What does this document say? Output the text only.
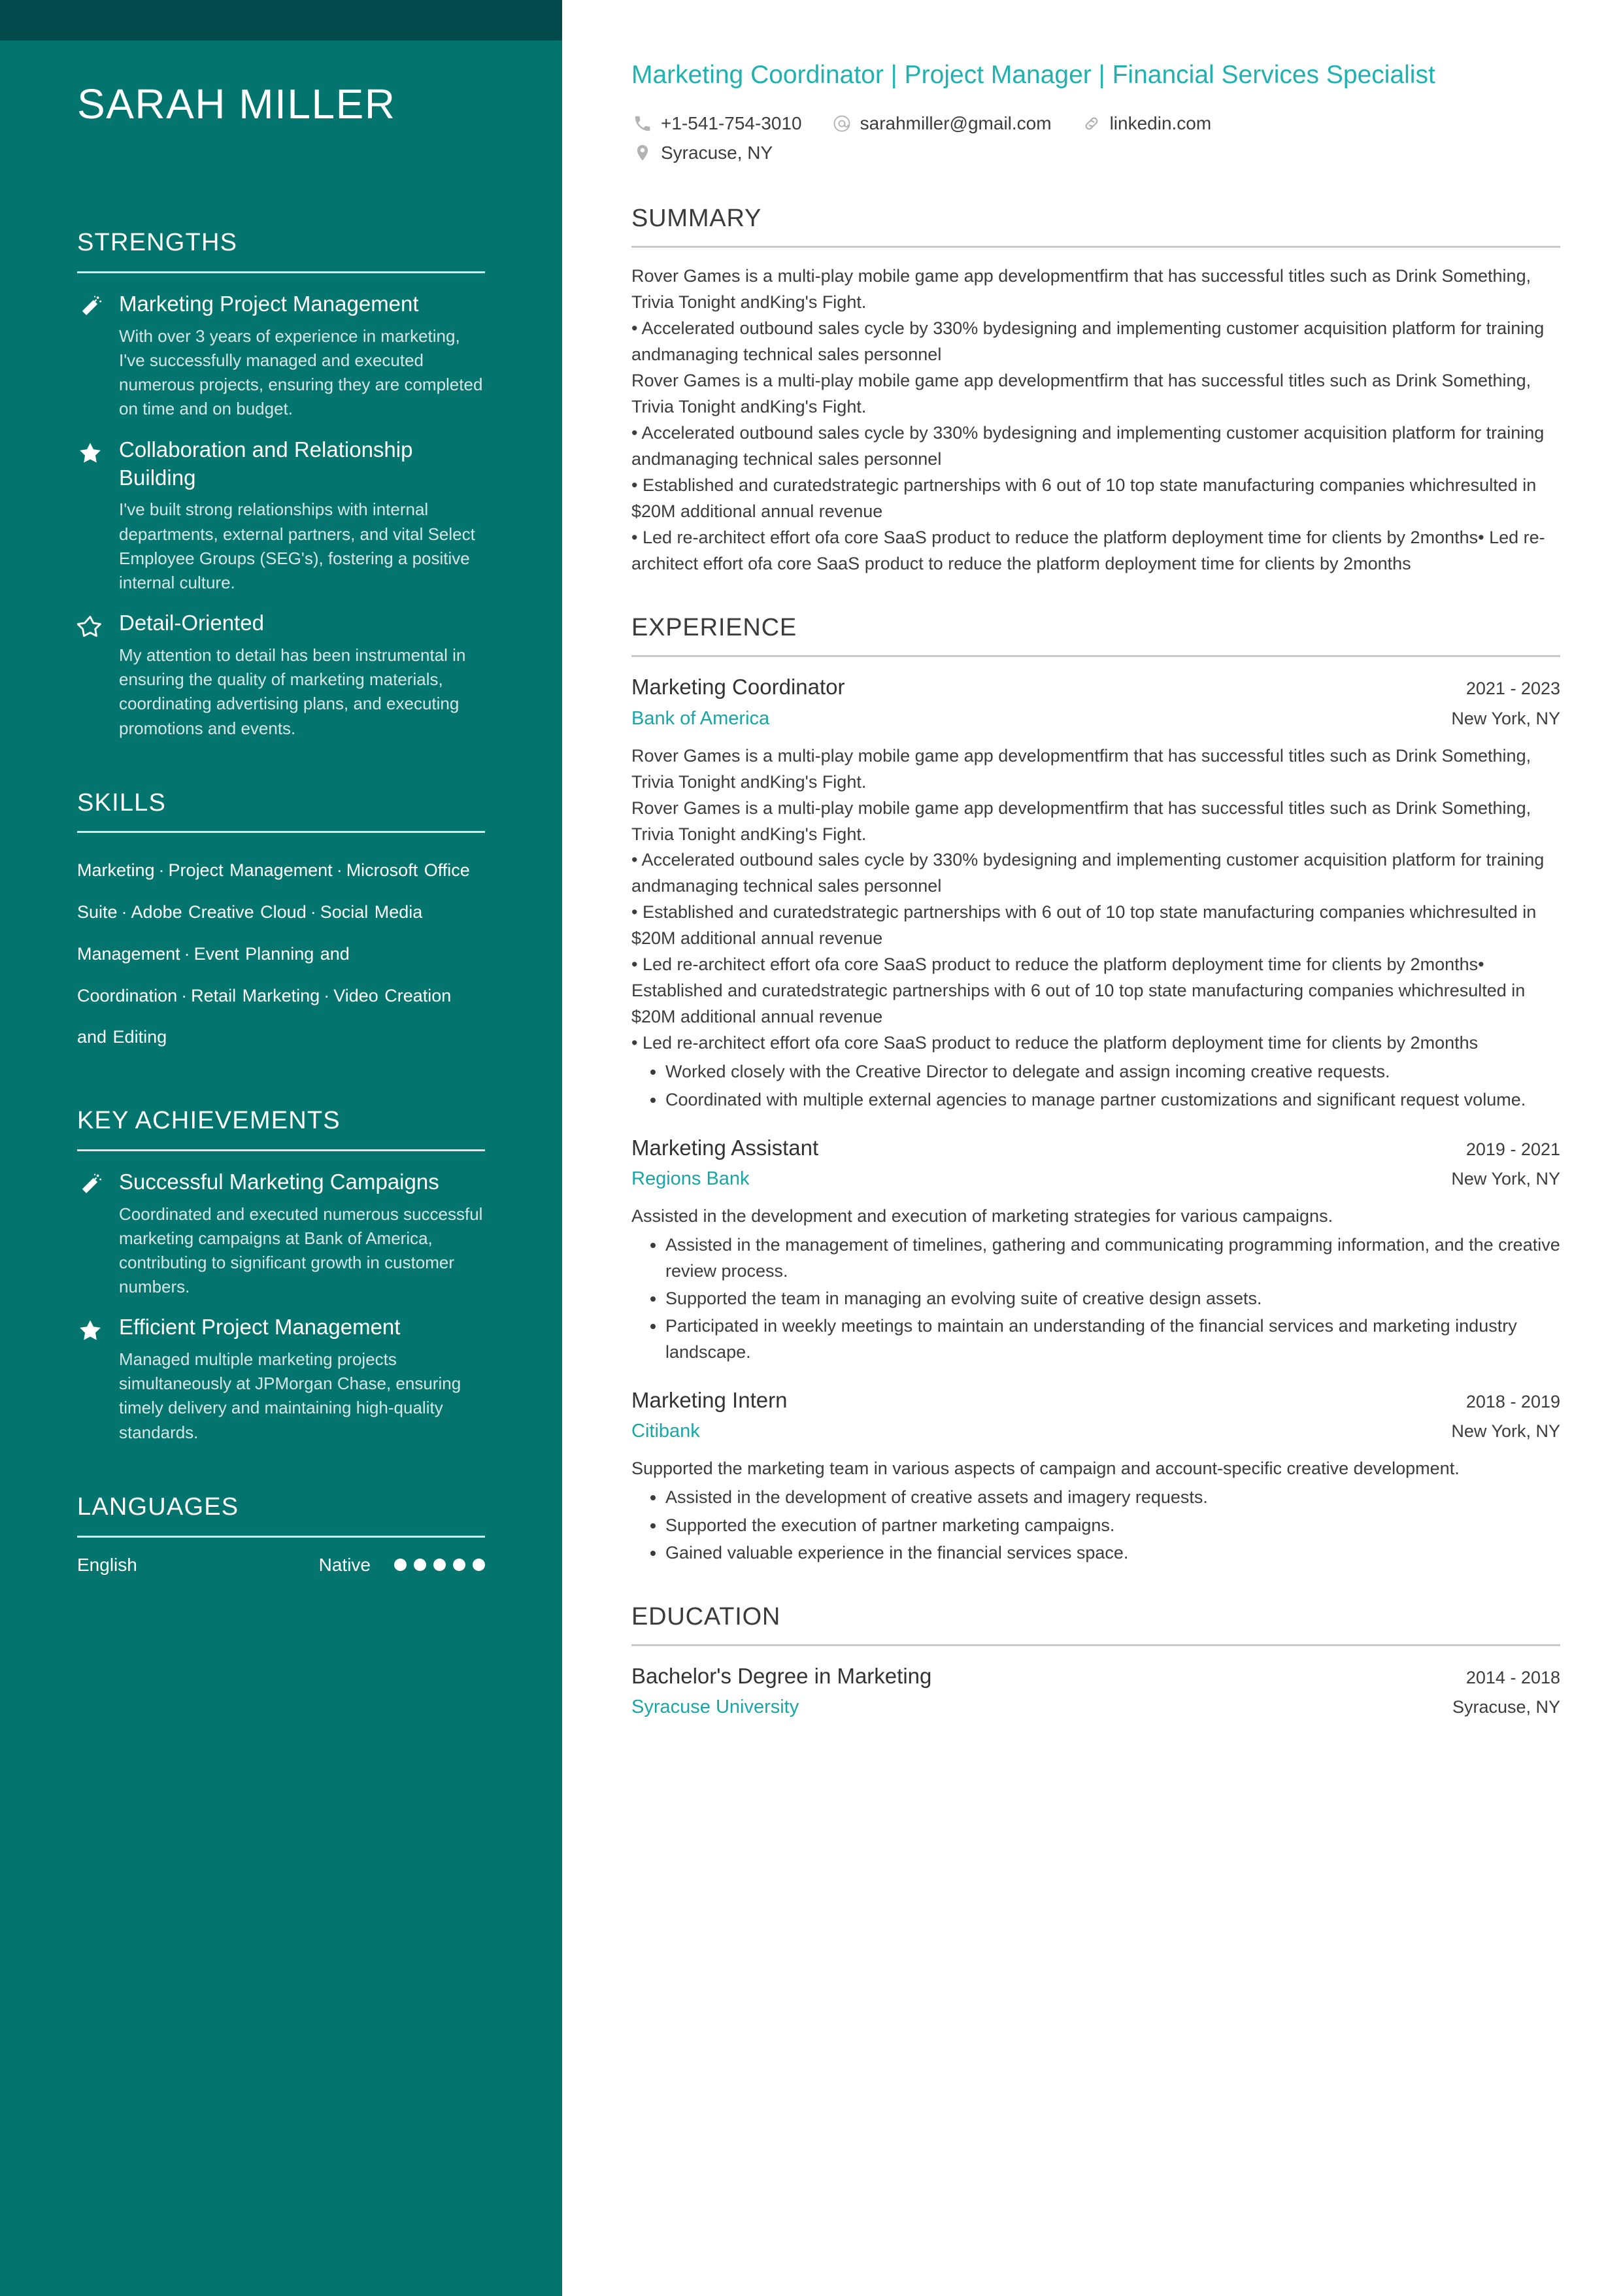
SARAH MILLER
STRENGTHS
Marketing Project Management
With over 3 years of experience in marketing, I've successfully managed and executed numerous projects, ensuring they are completed on time and on budget.
Collaboration and Relationship Building
I've built strong relationships with internal departments, external partners, and vital Select Employee Groups (SEG's), fostering a positive internal culture.
Detail-Oriented
My attention to detail has been instrumental in ensuring the quality of marketing materials, coordinating advertising plans, and executing promotions and events.
SKILLS
Marketing · Project Management · Microsoft Office Suite · Adobe Creative Cloud · Social Media Management · Event Planning and Coordination · Retail Marketing · Video Creation and Editing
KEY ACHIEVEMENTS
Successful Marketing Campaigns
Coordinated and executed numerous successful marketing campaigns at Bank of America, contributing to significant growth in customer numbers.
Efficient Project Management
Managed multiple marketing projects simultaneously at JPMorgan Chase, ensuring timely delivery and maintaining high-quality standards.
LANGUAGES
English	Native
Marketing Coordinator | Project Manager | Financial Services Specialist
+1-541-754-3010	sarahmiller@gmail.com	linkedin.com
Syracuse, NY
SUMMARY

Rover Games is a multi-play mobile game app developmentfirm that has successful titles such as Drink Something, Trivia Tonight andKing's Fight.

• Accelerated outbound sales cycle by 330% bydesigning and implementing customer acquisition platform for training andmanaging technical sales personnel

Rover Games is a multi-play mobile game app developmentfirm that has successful titles such as Drink Something, Trivia Tonight andKing's Fight.

• Accelerated outbound sales cycle by 330% bydesigning and implementing customer acquisition platform for training andmanaging technical sales personnel

• Established and curatedstrategic partnerships with 6 out of 10 top state manufacturing companies whichresulted in $20M additional annual revenue

• Led re-architect effort ofa core SaaS product to reduce the platform deployment time for clients by 2months• Led re-architect effort ofa core SaaS product to reduce the platform deployment time for clients by 2months

EXPERIENCE
Marketing Coordinator	2021 - 2023
Bank of America	New York, NY

Rover Games is a multi-play mobile game app developmentfirm that has successful titles such as Drink Something, Trivia Tonight andKing's Fight.

Rover Games is a multi-play mobile game app developmentfirm that has successful titles such as Drink Something, Trivia Tonight andKing's Fight.

• Accelerated outbound sales cycle by 330% bydesigning and implementing customer acquisition platform for training andmanaging technical sales personnel

• Established and curatedstrategic partnerships with 6 out of 10 top state manufacturing companies whichresulted in $20M additional annual revenue

• Led re-architect effort ofa core SaaS product to reduce the platform deployment time for clients by 2months• Established and curatedstrategic partnerships with 6 out of 10 top state manufacturing companies whichresulted in $20M additional annual revenue

• Led re-architect effort ofa core SaaS product to reduce the platform deployment time for clients by 2months

• Worked closely with the Creative Director to delegate and assign incoming creative requests.
• Coordinated with multiple external agencies to manage partner customizations and significant request volume.
Marketing Assistant	2019 - 2021
Regions Bank	New York, NY

Assisted in the development and execution of marketing strategies for various campaigns.

• Assisted in the management of timelines, gathering and communicating programming information, and the creative review process.
• Supported the team in managing an evolving suite of creative design assets.
• Participated in weekly meetings to maintain an understanding of the financial services and marketing industry landscape.
Marketing Intern	2018 - 2019
Citibank	New York, NY

Supported the marketing team in various aspects of campaign and account-specific creative development.

• Assisted in the development of creative assets and imagery requests.
• Supported the execution of partner marketing campaigns.
• Gained valuable experience in the financial services space.
EDUCATION
Bachelor's Degree in Marketing	2014 - 2018
Syracuse University	Syracuse, NY
